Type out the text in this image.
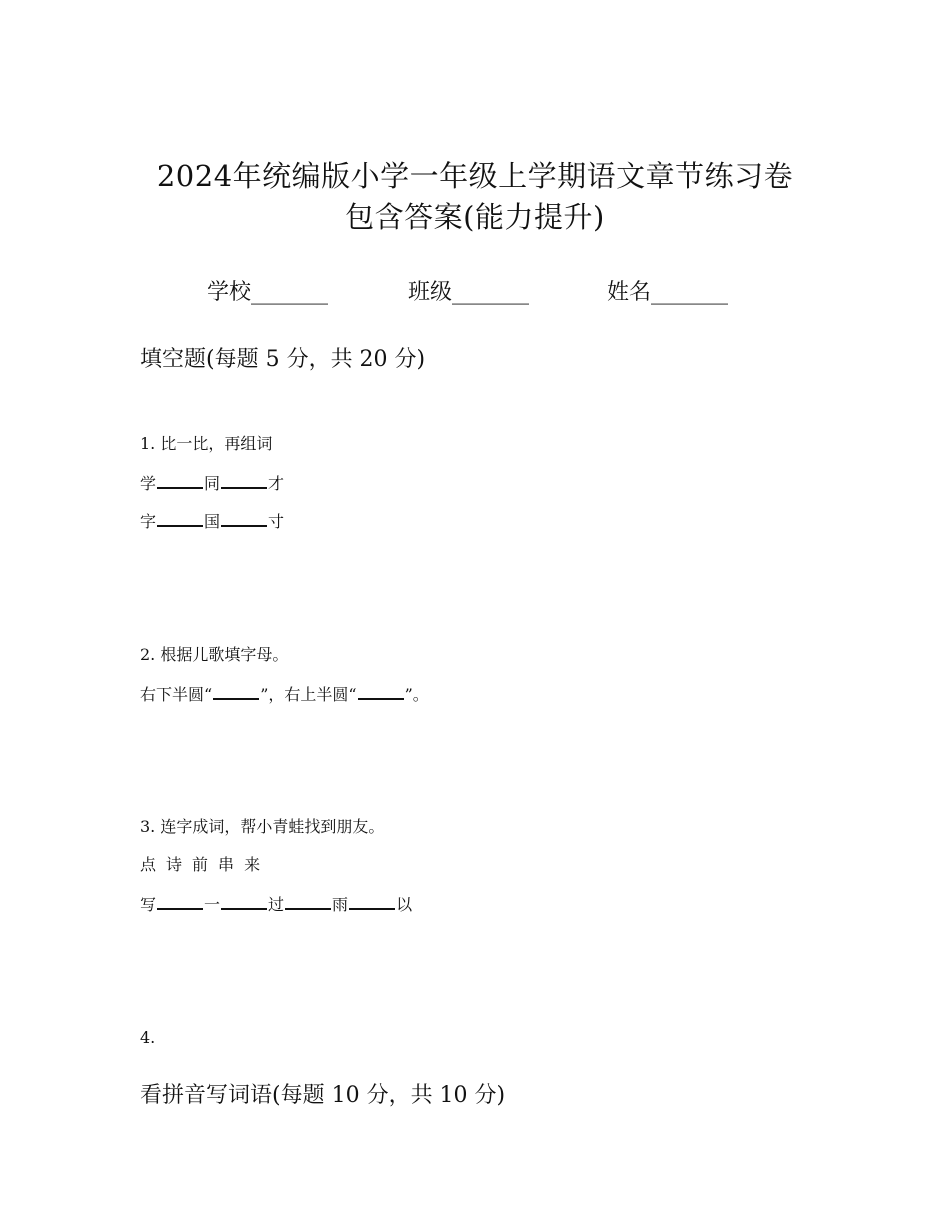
2024年统编版小学一年级上学期语文章节练习卷
包含答案(能力提升)
学校_______	班级_______	姓名_______
填空题(每题 5 分，共 20 分)
1. 比一比，再组词
学	同	才
字	国	寸
2. 根据儿歌填字母。
右下半圆“	”，右上半圆“	”。
3. 连字成词，帮小青蛙找到朋友。
点 诗 前 串 来
写	一	过	雨	以
4.
看拼音写词语(每题 10 分，共 10 分)
